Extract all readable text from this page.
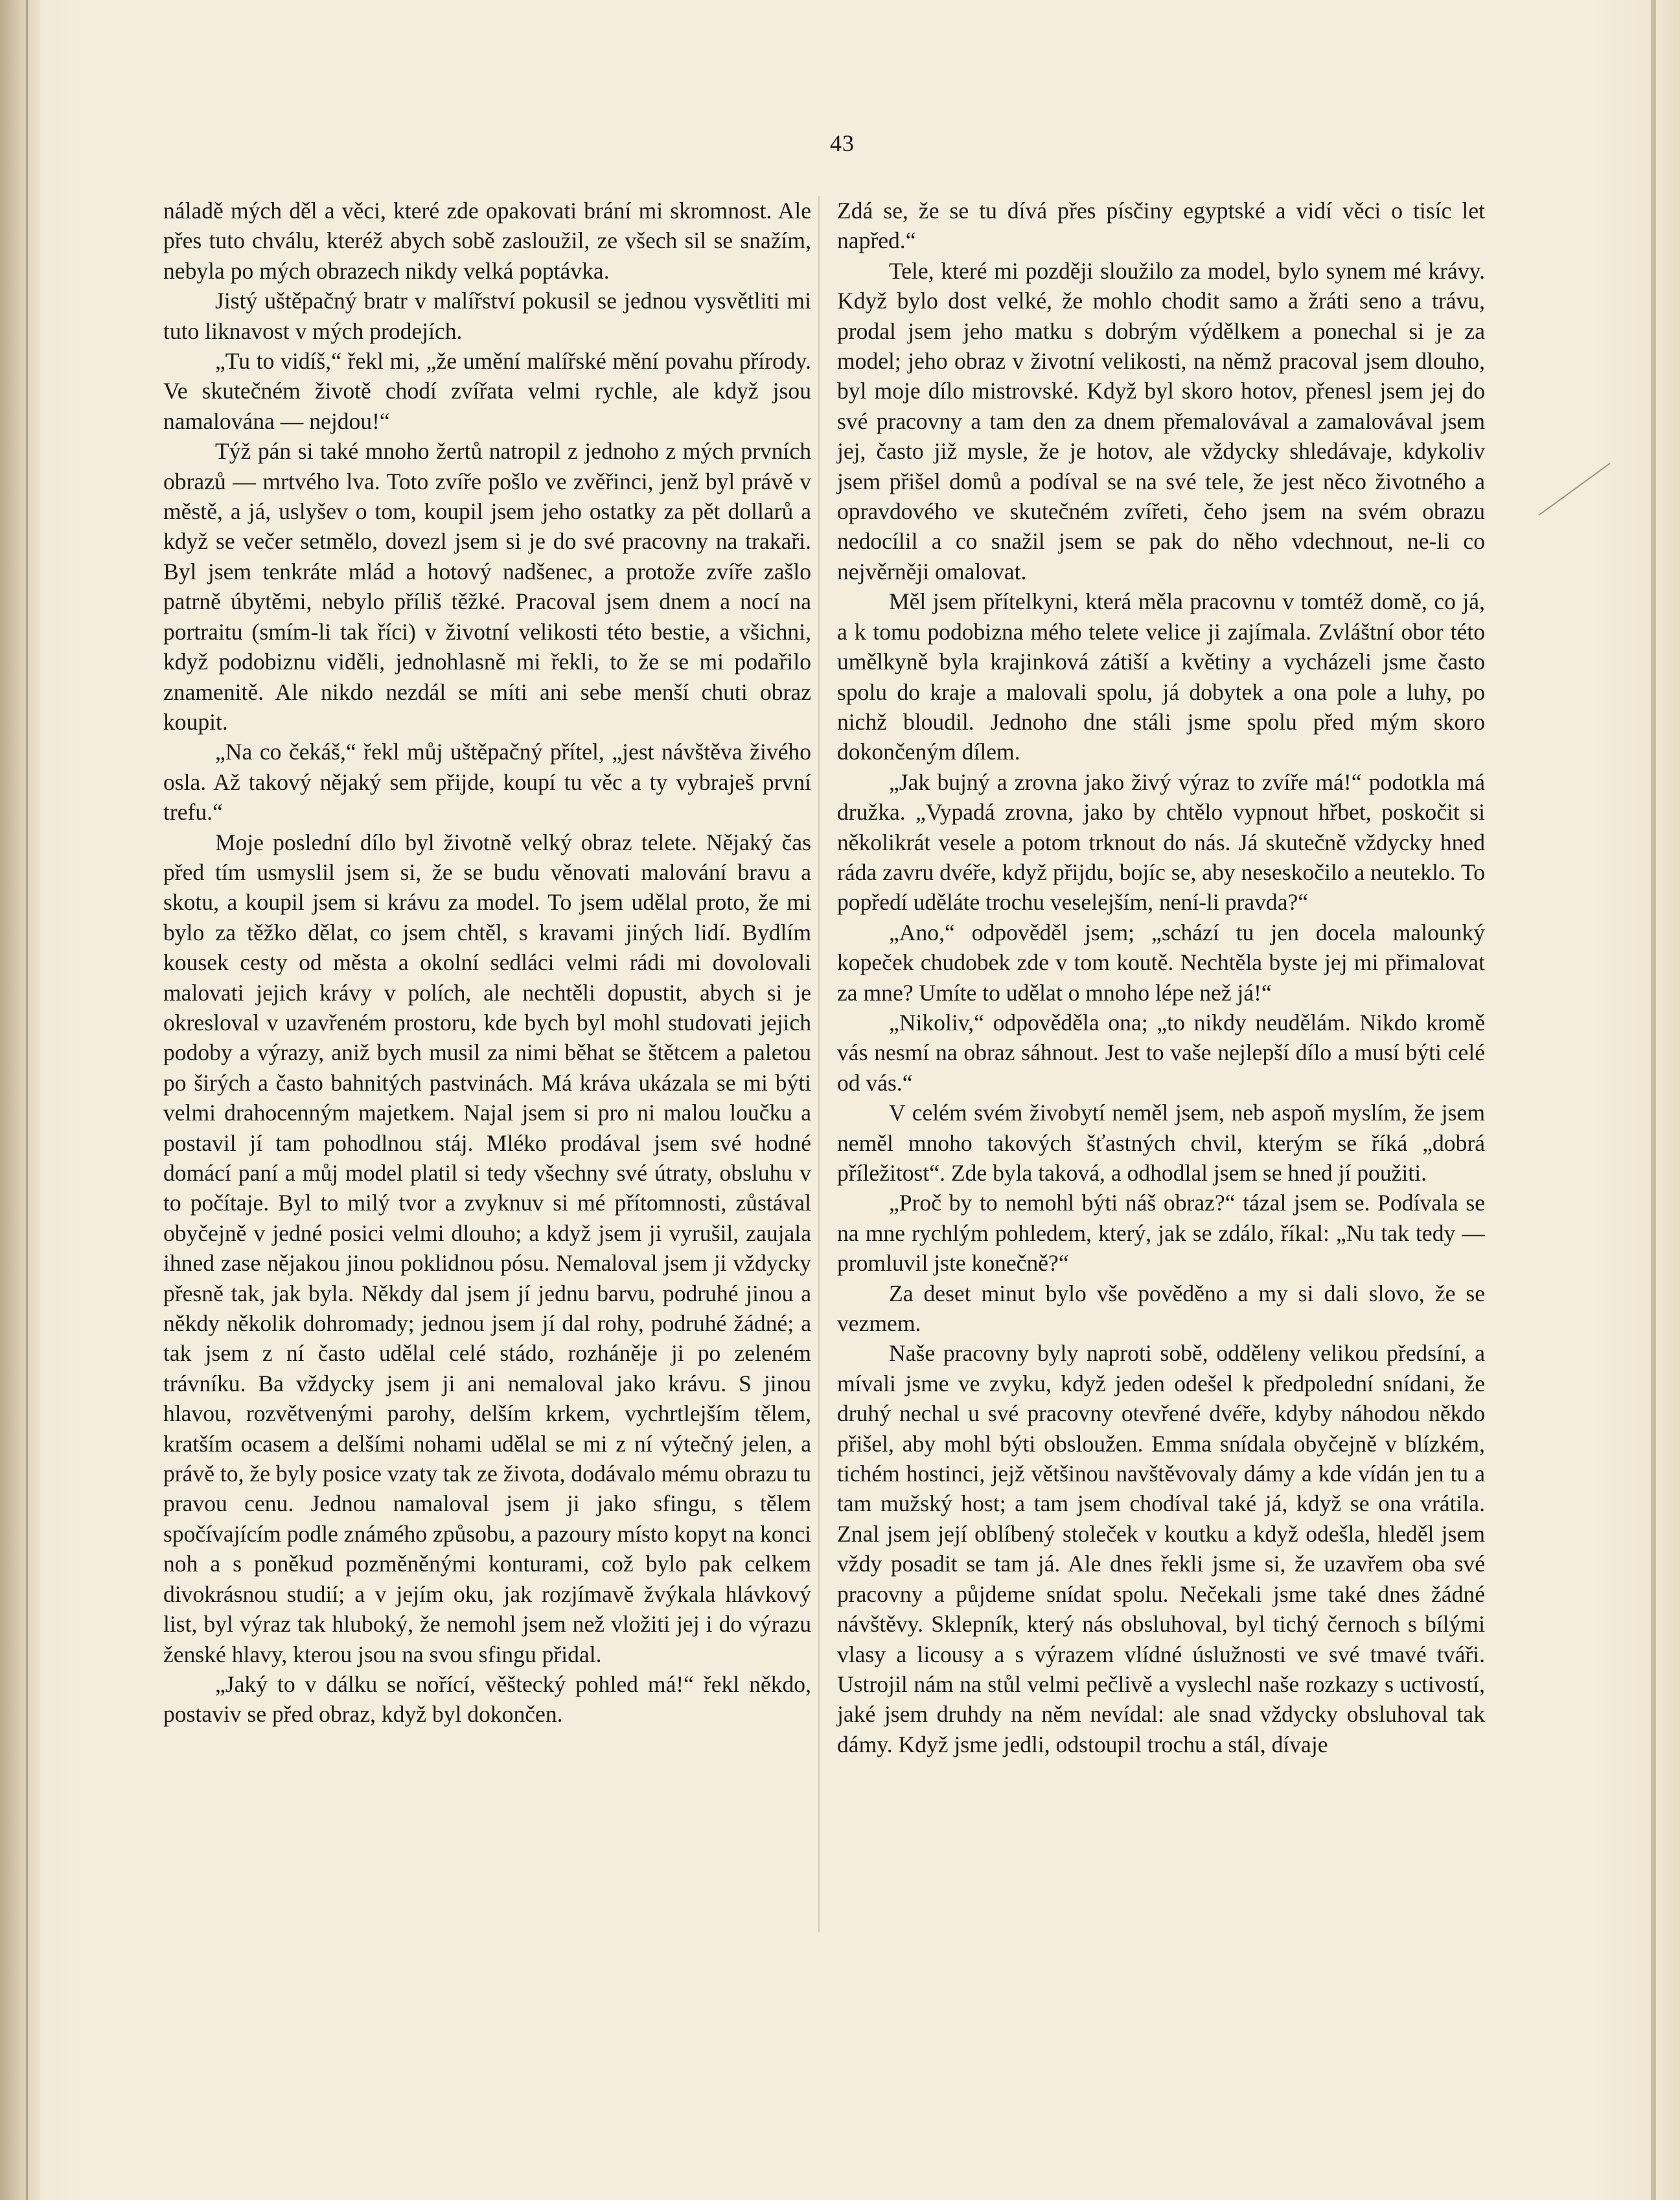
43

náladě mých děl a věci, které zde opakovati brání mi skromnost. Ale přes tuto chválu, kteréž abych sobě zasloužil, ze všech sil se snažím, nebyla po mých obrazech nikdy velká poptávka.

Jistý uštěpačný bratr v malířství pokusil se jednou vysvětliti mi tuto liknavost v mých prodejích.

„Tu to vidíš,“ řekl mi, „že umění malířské mění povahu přírody. Ve skutečném životě chodí zvířata velmi rychle, ale když jsou namalována — nejdou!“

Týž pán si také mnoho žertů natropil z jednoho z mých prvních obrazů — mrtvého lva. Toto zvíře pošlo ve zvěřinci, jenž byl právě v městě, a já, uslyšev o tom, koupil jsem jeho ostatky za pět dollarů a když se večer setmělo, dovezl jsem si je do své pracovny na trakaři. Byl jsem tenkráte mlád a hotový nadšenec, a protože zvíře zašlo patrně úbytěmi, nebylo příliš těžké. Pracoval jsem dnem a nocí na portraitu (smím-li tak říci) v životní velikosti této bestie, a všichni, když podobiznu viděli, jednohlasně mi řekli, to že se mi podařilo znamenitě. Ale nikdo nezdál se míti ani sebe menší chuti obraz koupit.

„Na co čekáš,“ řekl můj uštěpačný přítel, „jest návštěva živého osla. Až takový nějaký sem přijde, koupí tu věc a ty vybraješ první trefu.“

Moje poslední dílo byl životně velký obraz telete. Nějaký čas před tím usmyslil jsem si, že se budu věnovati malování bravu a skotu, a koupil jsem si krávu za model. To jsem udělal proto, že mi bylo za těžko dělat, co jsem chtěl, s kravami jiných lidí. Bydlím kousek cesty od města a okolní sedláci velmi rádi mi dovolovali malovati jejich krávy v polích, ale nechtěli dopustit, abych si je okresloval v uzavřeném prostoru, kde bych byl mohl studovati jejich podoby a výrazy, aniž bych musil za nimi běhat se štětcem a paletou po širých a často bahnitých pastvinách. Má kráva ukázala se mi býti velmi drahocenným majetkem. Najal jsem si pro ni malou loučku a postavil jí tam pohodlnou stáj. Mléko prodával jsem své hodné domácí paní a můj model platil si tedy všechny své útraty, obsluhu v to počítaje. Byl to milý tvor a zvyknuv si mé přítomnosti, zůstával obyčejně v jedné posici velmi dlouho; a když jsem ji vyrušil, zaujala ihned zase nějakou jinou poklidnou pósu. Nemaloval jsem ji vždycky přesně tak, jak byla. Někdy dal jsem jí jednu barvu, podruhé jinou a někdy několik dohromady; jednou jsem jí dal rohy, podruhé žádné; a tak jsem z ní často udělal celé stádo, rozháněje ji po zeleném trávníku. Ba vždycky jsem ji ani nemaloval jako krávu. S jinou hlavou, rozvětvenými parohy, delším krkem, vychrtlejším tělem, kratším ocasem a delšími nohami udělal se mi z ní výtečný jelen, a právě to, že byly posice vzaty tak ze života, dodávalo mému obrazu tu pravou cenu. Jednou namaloval jsem ji jako sfingu, s tělem spočívajícím podle známého způsobu, a pazoury místo kopyt na konci noh a s poněkud pozměněnými konturami, což bylo pak celkem divokrásnou studií; a v jejím oku, jak rozjímavě žvýkala hlávkový list, byl výraz tak hluboký, že nemohl jsem než vložiti jej i do výrazu ženské hlavy, kterou jsou na svou sfingu přidal.

„Jaký to v dálku se nořící, věštecký pohled má!“ řekl někdo, postaviv se před obraz, když byl dokončen.

Zdá se, že se tu dívá přes písčiny egyptské a vidí věci o tisíc let napřed.“

Tele, které mi později sloužilo za model, bylo synem mé krávy. Když bylo dost velké, že mohlo chodit samo a žráti seno a trávu, prodal jsem jeho matku s dobrým výdělkem a ponechal si je za model; jeho obraz v životní velikosti, na němž pracoval jsem dlouho, byl moje dílo mistrovské. Když byl skoro hotov, přenesl jsem jej do své pracovny a tam den za dnem přemalovával a zamalovával jsem jej, často již mysle, že je hotov, ale vždycky shledávaje, kdykoliv jsem přišel domů a podíval se na své tele, že jest něco životného a opravdového ve skutečném zvířeti, čeho jsem na svém obrazu nedocílil a co snažil jsem se pak do něho vdechnout, ne-li co nejvěrněji omalovat.

Měl jsem přítelkyni, která měla pracovnu v tomtéž domě, co já, a k tomu podobizna mého telete velice ji zajímala. Zvláštní obor této umělkyně byla krajinková zátiší a květiny a vycházeli jsme často spolu do kraje a malovali spolu, já dobytek a ona pole a luhy, po nichž bloudil. Jednoho dne stáli jsme spolu před mým skoro dokončeným dílem.

„Jak bujný a zrovna jako živý výraz to zvíře má!“ podotkla má družka. „Vypadá zrovna, jako by chtělo vypnout hřbet, poskočit si několikrát vesele a potom trknout do nás. Já skutečně vždycky hned ráda zavru dvéře, když přijdu, bojíc se, aby neseskočilo a neuteklo. To popředí uděláte trochu veselejším, není-li pravda?“

„Ano,“ odpověděl jsem; „schází tu jen docela malounký kopeček chudobek zde v tom koutě. Nechtěla byste jej mi přimalovat za mne? Umíte to udělat o mnoho lépe než já!“

„Nikoliv,“ odpověděla ona; „to nikdy neudělám. Nikdo kromě vás nesmí na obraz sáhnout. Jest to vaše nejlepší dílo a musí býti celé od vás.“

V celém svém živobytí neměl jsem, neb aspoň myslím, že jsem neměl mnoho takových šťastných chvil, kterým se říká „dobrá příležitost“. Zde byla taková, a odhodlal jsem se hned jí použiti.

„Proč by to nemohl býti náš obraz?“ tázal jsem se. Podívala se na mne rychlým pohledem, který, jak se zdálo, říkal: „Nu tak tedy — promluvil jste konečně?“

Za deset minut bylo vše pověděno a my si dali slovo, že se vezmem.

Naše pracovny byly naproti sobě, odděleny velikou předsíní, a mívali jsme ve zvyku, když jeden odešel k předpolední snídani, že druhý nechal u své pracovny otevřené dvéře, kdyby náhodou někdo přišel, aby mohl býti obsloužen. Emma snídala obyčejně v blízkém, tichém hostinci, jejž většinou navštěvovaly dámy a kde vídán jen tu a tam mužský host; a tam jsem chodíval také já, když se ona vrátila. Znal jsem její oblíbený stoleček v koutku a když odešla, hleděl jsem vždy posadit se tam já. Ale dnes řekli jsme si, že uzavřem oba své pracovny a půjdeme snídat spolu. Nečekali jsme také dnes žádné návštěvy. Sklepník, který nás obsluhoval, byl tichý černoch s bílými vlasy a licousy a s výrazem vlídné úslužnosti ve své tmavé tváři. Ustrojil nám na stůl velmi pečlivě a vyslechl naše rozkazy s uctivostí, jaké jsem druhdy na něm nevídal: ale snad vždycky obsluhoval tak dámy. Když jsme jedli, odstoupil trochu a stál, dívaje
